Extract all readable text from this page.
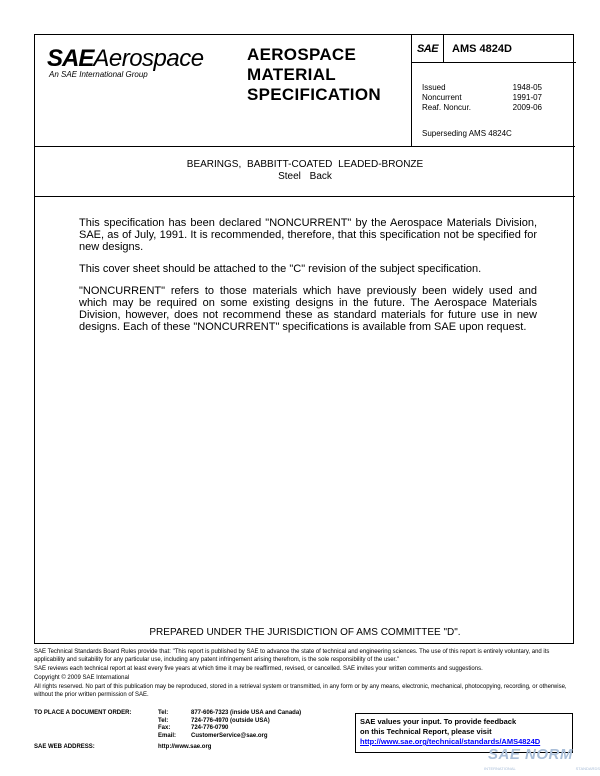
SAEAerospace
An SAE International Group
AEROSPACE
MATERIAL
SPECIFICATION
SAE	AMS 4824D
Issued	1948-05
Noncurrent	1991-07
Reaf. Noncur.	2009-06
Superseding AMS 4824C
BEARINGS, BABBITT-COATED LEADED-BRONZE
Steel Back

This specification has been declared "NONCURRENT" by the Aerospace Materials Division, SAE, as of July, 1991. It is recommended, therefore, that this specification not be specified for new designs.

This cover sheet should be attached to the "C" revision of the subject specification.

"NONCURRENT" refers to those materials which have previously been widely used and which may be required on some existing designs in the future. The Aerospace Materials Division, however, does not recommend these as standard materials for future use in new designs. Each of these "NONCURRENT" specifications is available from SAE upon request.

PREPARED UNDER THE JURISDICTION OF AMS COMMITTEE "D".

SAE Technical Standards Board Rules provide that: "This report is published by SAE to advance the state of technical and engineering sciences. The use of this report is entirely voluntary, and its applicability and suitability for any particular use, including any patent infringement arising therefrom, is the sole responsibility of the user."

SAE reviews each technical report at least every five years at which time it may be reaffirmed, revised, or cancelled. SAE invites your written comments and suggestions.

Copyright © 2009 SAE International

All rights reserved. No part of this publication may be reproduced, stored in a retrieval system or transmitted, in any form or by any means, electronic, mechanical, photocopying, recording, or otherwise, without the prior written permission of SAE.

TO PLACE A DOCUMENT ORDER:	Tel:	877-606-7323 (inside USA and Canada)
Tel:	724-776-4970 (outside USA)
Fax:	724-776-0790
Email:	CustomerService@sae.org
SAE WEB ADDRESS:	http://www.sae.org
SAE values your input. To provide feedback
on this Technical Report, please visit
http://www.sae.org/technical/standards/AMS4824D
SAE NORM
INTERNATIONAL	STANDARDS
